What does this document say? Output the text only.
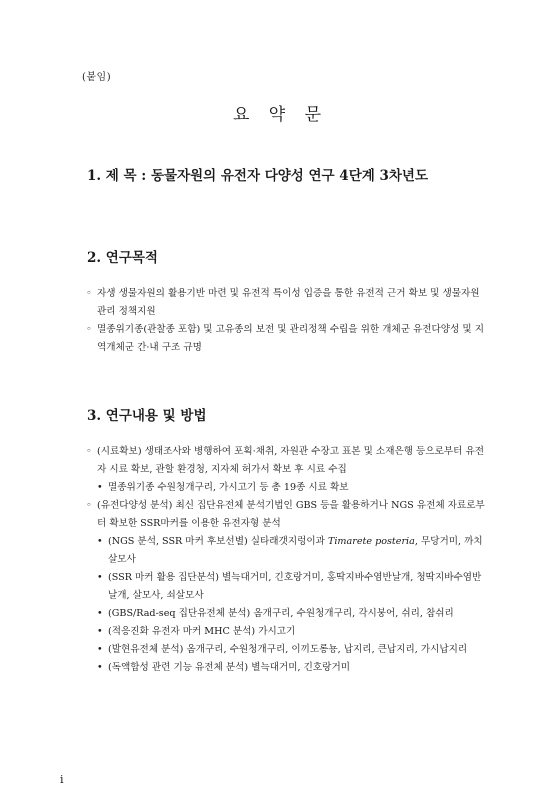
(붙임)
요 약 문
1. 제 목 : 동물자원의 유전자 다양성 연구 4단계 3차년도
2. 연구목적
◦ 자생 생물자원의 활용기반 마련 및 유전적 특이성 입증을 통한 유전적 근거 확보 및 생물자원 관리 정책지원
◦ 멸종위기종(관찰종 포함) 및 고유종의 보전 및 관리정책 수립을 위한 개체군 유전다양성 및 지역개체군 간·내 구조 규명
3. 연구내용 및 방법
◦ (시료확보) 생태조사와 병행하여 포획·채취, 자원관 수장고 표본 및 소재은행 등으로부터 유전자 시료 확보, 관할 환경청, 지자체 허가서 확보 후 시료 수집
• 멸종위기종 수원청개구리, 가시고기 등 총 19종 시료 확보
◦ (유전다양성 분석) 최신 집단유전체 분석기법인 GBS 등을 활용하거나 NGS 유전체 자료로부터 확보한 SSR마커를 이용한 유전자형 분석
• (NGS 분석, SSR 마커 후보선별) 실타래갯지렁이과 Timarete posteria, 무당거미, 까치살모사
• (SSR 마커 활용 집단분석) 별늑대거미, 긴호랑거미, 홍딱지바수염반날개, 청딱지바수염반날개, 살모사, 쇠살모사
• (GBS/Rad-seq 집단유전체 분석) 옴개구리, 수원청개구리, 각시붕어, 쉬리, 참쉬리
• (적응진화 유전자 마커 MHC 분석) 가시고기
• (발현유전체 분석) 옴개구리, 수원청개구리, 이끼도롱뇽, 납지리, 큰납지리, 가시납지리
• (독액합성 관련 기능 유전체 분석) 별늑대거미, 긴호랑거미
i
